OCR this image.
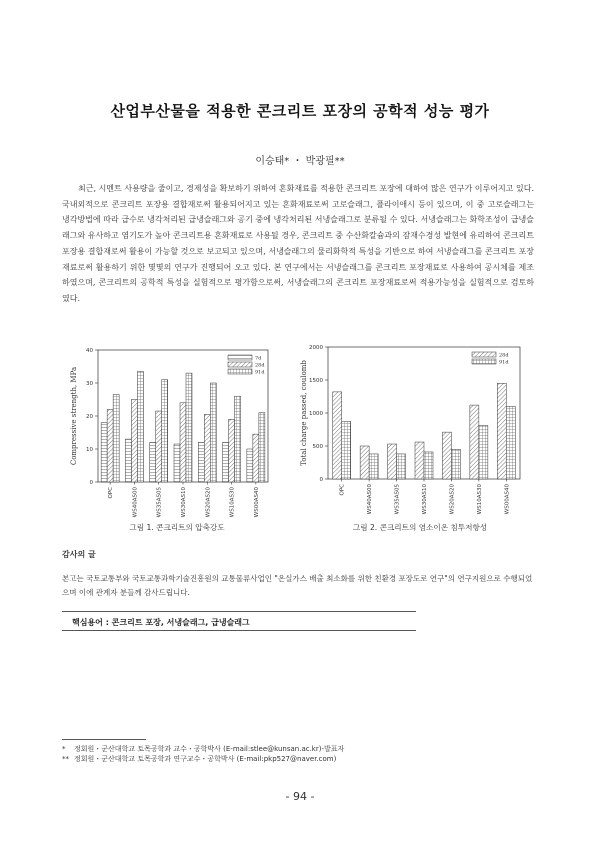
산업부산물을 적용한 콘크리트 포장의 공학적 성능 평가
이승태* ・ 박광필**

최근, 시멘트 사용량을 줄이고, 경제성을 확보하기 위하여 혼화재료를 적용한 콘크리트 포장에 대하여 많은 연구가 이루어지고 있다. 국내외적으로 콘크리트 포장용 결합재로써 활용되어지고 있는 혼화재료로써 고로슬래그, 플라이애시 등이 있으며, 이 중 고로슬래그는 냉각방법에 따라 급수로 냉각처리된 급냉슬래그와 공기 중에 냉각처리된 서냉슬래그로 분류될 수 있다. 서냉슬래그는 화학조성이 급냉슬래그와 유사하고 염기도가 높아 콘크리트용 혼화재료로 사용될 경우, 콘크리트 중 수산화칼슘과의 잠재수경성 발현에 유리하여 콘크리트 포장용 결합재로써 활용이 가능할 것으로 보고되고 있으며, 서냉슬래그의 물리화학적 특성을 기반으로 하여 서냉슬래그를 콘크리트 포장재료로써 활용하기 위한 몇몇의 연구가 진행되어 오고 있다. 본 연구에서는 서냉슬래그를 콘크리트 포장재료로 사용하여 공시체를 제조하였으며, 콘크리트의 공학적 특성을 실험적으로 평가함으로써, 서냉슬래그의 콘크리트 포장재료로써 적용가능성을 실험적으로 검토하였다.

0
10
20
30
40
Compressive strength, MPa
OPC	WS40AS00	WS35AS05	WS30AS10	WS20AS20	WS10AS30	WS00AS40
7d
28d
91d
0
500
1000
1500
2000
Total charge passed, coulomb
OPC	WS40AS00	WS35AS05	WS30AS10	WS20AS20	WS10AS30	WS00AS40
28d
91d
그림 1. 콘크리트의 압축강도	그림 2. 콘크리트의 염소이온 침투저항성
감사의 글

본고는 국토교통부와 국토교통과학기술진흥원의 교통물류사업인 "온실가스 배출 최소화를 위한 친환경 포장도로 연구"의 연구지원으로 수행되었으며 이에 관계자 분들께 감사드립니다.

핵심용어 : 콘크리트 포장, 서냉슬래그, 급냉슬래그
* 정회원・군산대학교 토목공학과 교수・공학박사 (E-mail:stlee@kunsan.ac.kr)-발표자
** 정회원・군산대학교 토목공학과 연구교수・공학박사 (E-mail:pkp527@naver.com)
- 94 -
